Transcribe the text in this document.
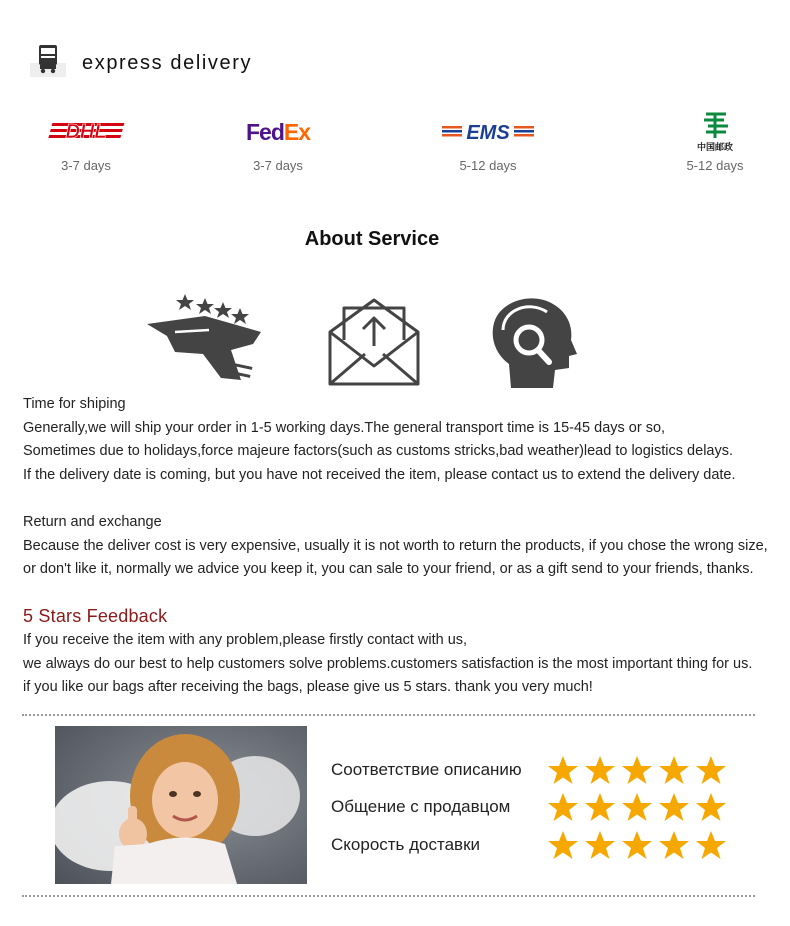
express delivery
DHL
3-7 days
FedEx
3-7 days
EMS
5-12 days
中国邮政
5-12 days
About Service
Time for shiping
Generally,we will ship your order in 1-5 working days.The general transport time is 15-45 days or so,
Sometimes due to holidays,force majeure factors(such as customs stricks,bad weather)lead to logistics delays.
If the delivery date is coming, but you have not received the item, please contact us to extend the delivery date.
Return and exchange
Because the deliver cost is very expensive, usually it is not worth to return the products, if you chose the wrong size,
or don't like it, normally we advice you keep it, you can sale to your friend, or as a gift send to your friends, thanks.
5 Stars Feedback
If you receive the item with any problem,please firstly contact with us,
we always do our best to help customers solve problems.customers satisfaction is the most important thing for us.
if you like our bags after receiving the bags, please give us 5 stars. thank you very much!
Соответствие описанию
Общение с продавцом
Скорость доставки
